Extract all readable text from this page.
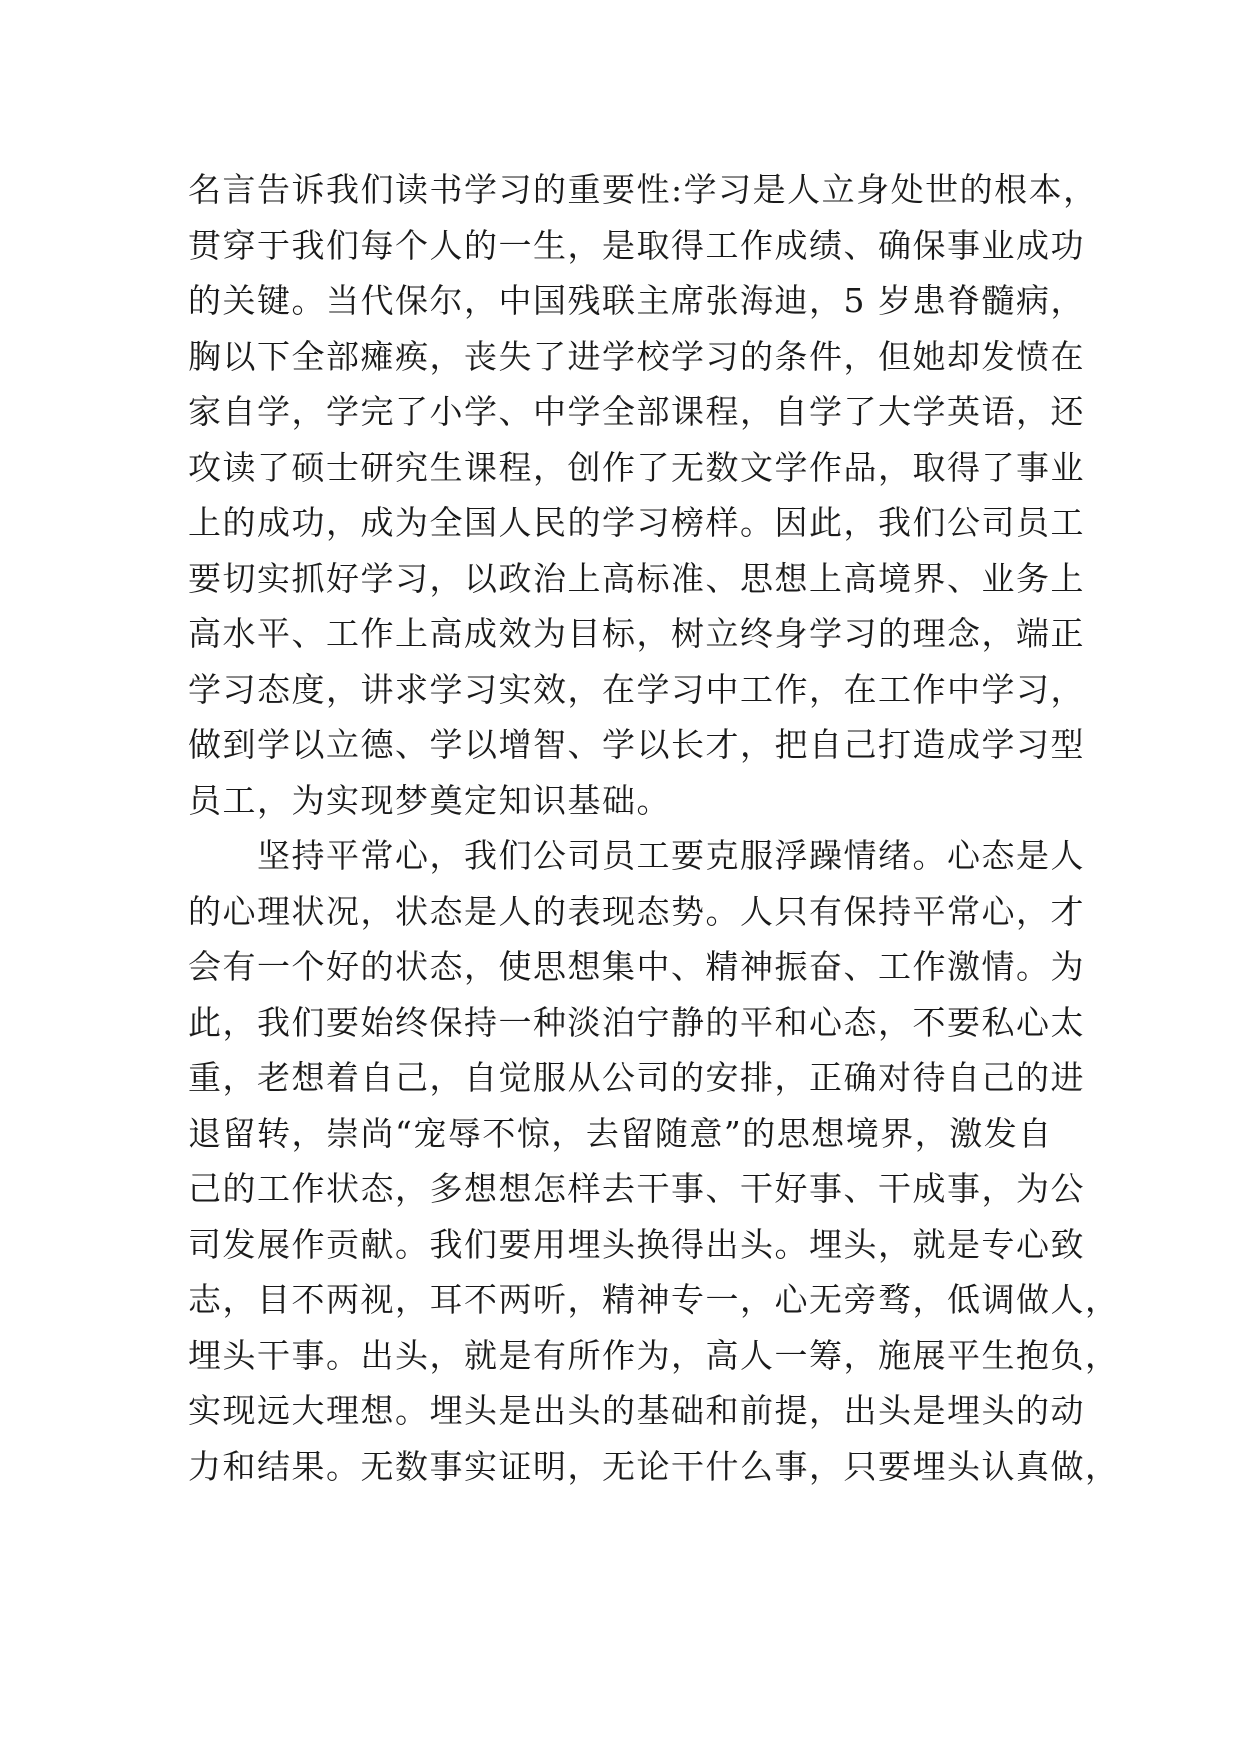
名言告诉我们读书学习的重要性:学习是人立身处世的根本，
贯穿于我们每个人的一生，是取得工作成绩、确保事业成功
的关键。当代保尔，中国残联主席张海迪，5 岁患脊髓病，
胸以下全部瘫痪，丧失了进学校学习的条件，但她却发愤在
家自学，学完了小学、中学全部课程，自学了大学英语，还
攻读了硕士研究生课程，创作了无数文学作品，取得了事业
上的成功，成为全国人民的学习榜样。因此，我们公司员工
要切实抓好学习，以政治上高标准、思想上高境界、业务上
高水平、工作上高成效为目标，树立终身学习的理念，端正
学习态度，讲求学习实效，在学习中工作，在工作中学习，
做到学以立德、学以增智、学以长才，把自己打造成学习型
员工，为实现梦奠定知识基础。
　　坚持平常心，我们公司员工要克服浮躁情绪。心态是人
的心理状况，状态是人的表现态势。人只有保持平常心，才
会有一个好的状态，使思想集中、精神振奋、工作激情。为
此，我们要始终保持一种淡泊宁静的平和心态，不要私心太
重，老想着自己，自觉服从公司的安排，正确对待自己的进
退留转，崇尚“宠辱不惊，去留随意”的思想境界，激发自
己的工作状态，多想想怎样去干事、干好事、干成事，为公
司发展作贡献。我们要用埋头换得出头。埋头，就是专心致
志，目不两视，耳不两听，精神专一，心无旁骛，低调做人，
埋头干事。出头，就是有所作为，高人一筹，施展平生抱负，
实现远大理想。埋头是出头的基础和前提，出头是埋头的动
力和结果。无数事实证明，无论干什么事，只要埋头认真做，
